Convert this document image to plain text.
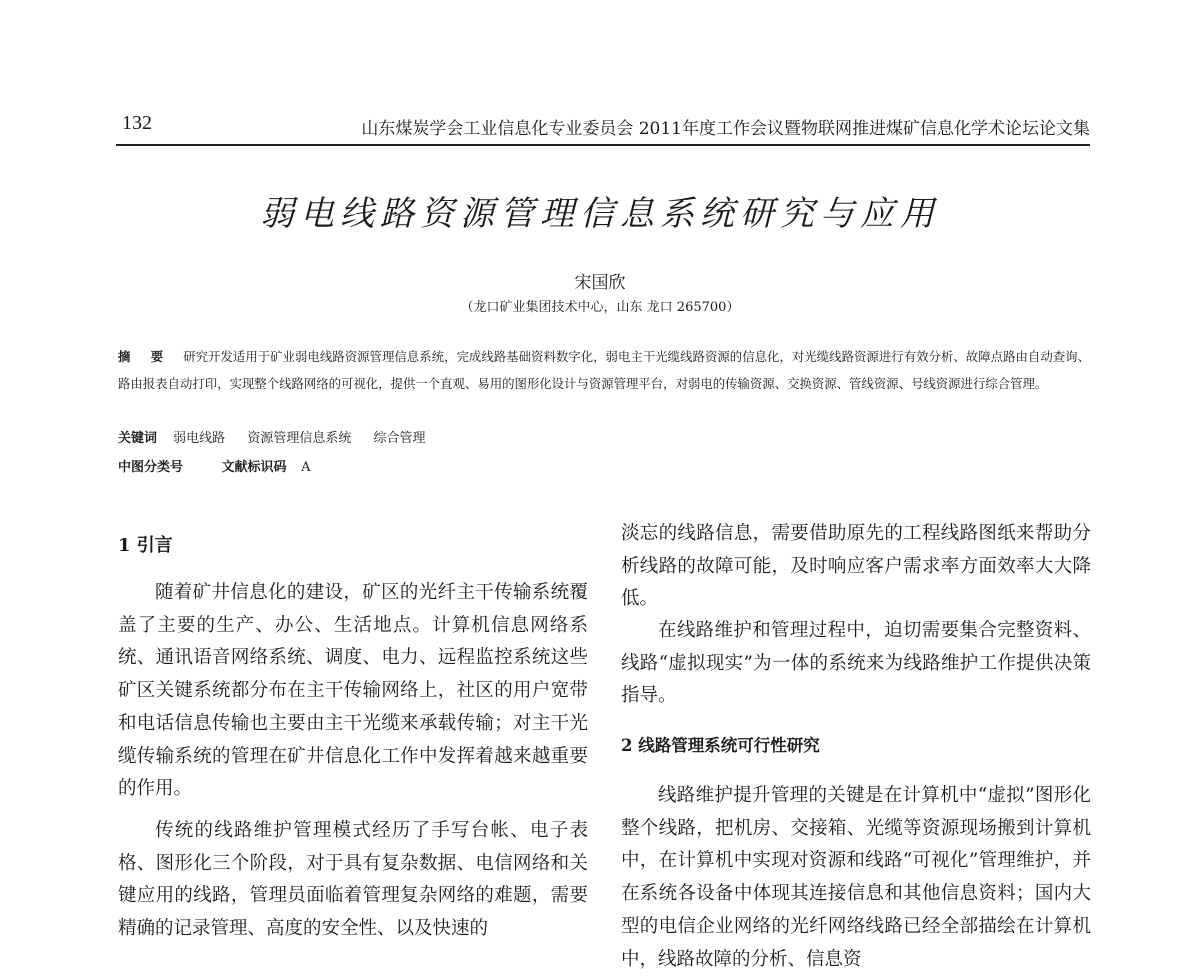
132	山东煤炭学会工业信息化专业委员会 2011年度工作会议暨物联网推进煤矿信息化学术论坛论文集
弱电线路资源管理信息系统研究与应用
宋国欣
（龙口矿业集团技术中心，山东 龙口 265700）
摘 要 研究开发适用于矿业弱电线路资源管理信息系统，完成线路基础资料数字化，弱电主干光缆线路资源的信息化，对光缆线路资源进行有效分析、故障点路由自动查询、路由报表自动打印，实现整个线路网络的可视化，提供一个直观、易用的图形化设计与资源管理平台，对弱电的传输资源、交换资源、管线资源、号线资源进行综合管理。
关键词 弱电线路 资源管理信息系统 综合管理
中图分类号	文献标识码 A
1 引言
随着矿井信息化的建设，矿区的光纤主干传输系统覆盖了主要的生产、办公、生活地点。计算机信息网络系统、通讯语音网络系统、调度、电力、远程监控系统这些矿区关键系统都分布在主干传输网络上，社区的用户宽带和电话信息传输也主要由主干光缆来承载传输；对主干光缆传输系统的管理在矿井信息化工作中发挥着越来越重要的作用。
传统的线路维护管理模式经历了手写台帐、电子表格、图形化三个阶段，对于具有复杂数据、电信网络和关键应用的线路，管理员面临着管理复杂网络的难题，需要精确的记录管理、高度的安全性、以及快速的
淡忘的线路信息，需要借助原先的工程线路图纸来帮助分析线路的故障可能，及时响应客户需求率方面效率大大降低。
在线路维护和管理过程中，迫切需要集合完整资料、线路“虚拟现实”为一体的系统来为线路维护工作提供决策指导。
2 线路管理系统可行性研究
线路维护提升管理的关键是在计算机中“虚拟”图形化整个线路，把机房、交接箱、光缆等资源现场搬到计算机中，在计算机中实现对资源和线路“可视化”管理维护，并在系统各设备中体现其连接信息和其他信息资料；国内大型的电信企业网络的光纤网络线路已经全部描绘在计算机中，线路故障的分析、信息资
